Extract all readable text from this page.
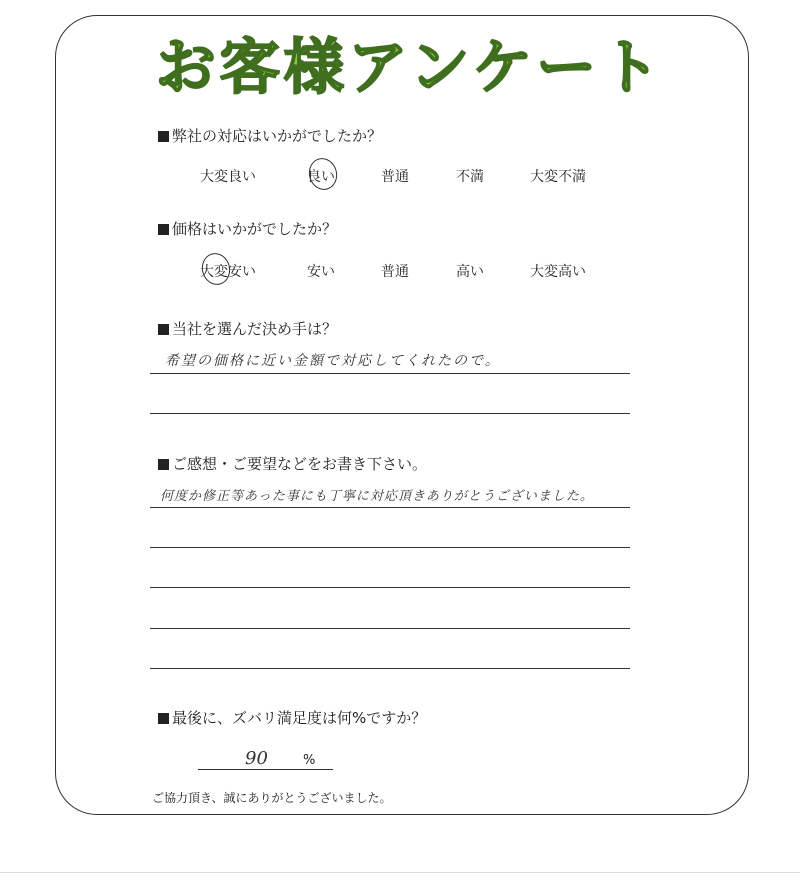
お客様アンケート
弊社の対応はいかがでしたか？
大変良い	良い	普通	不満	大変不満
価格はいかがでしたか？
大変安い	安い	普通	高い	大変高い
当社を選んだ決め手は？
希望の価格に近い金額で対応してくれたので。
ご感想・ご要望などをお書き下さい。
何度か修正等あった事にも丁寧に対応頂きありがとうございました。
最後に、ズバリ満足度は何%ですか？
90	%
ご協力頂き、誠にありがとうございました。
